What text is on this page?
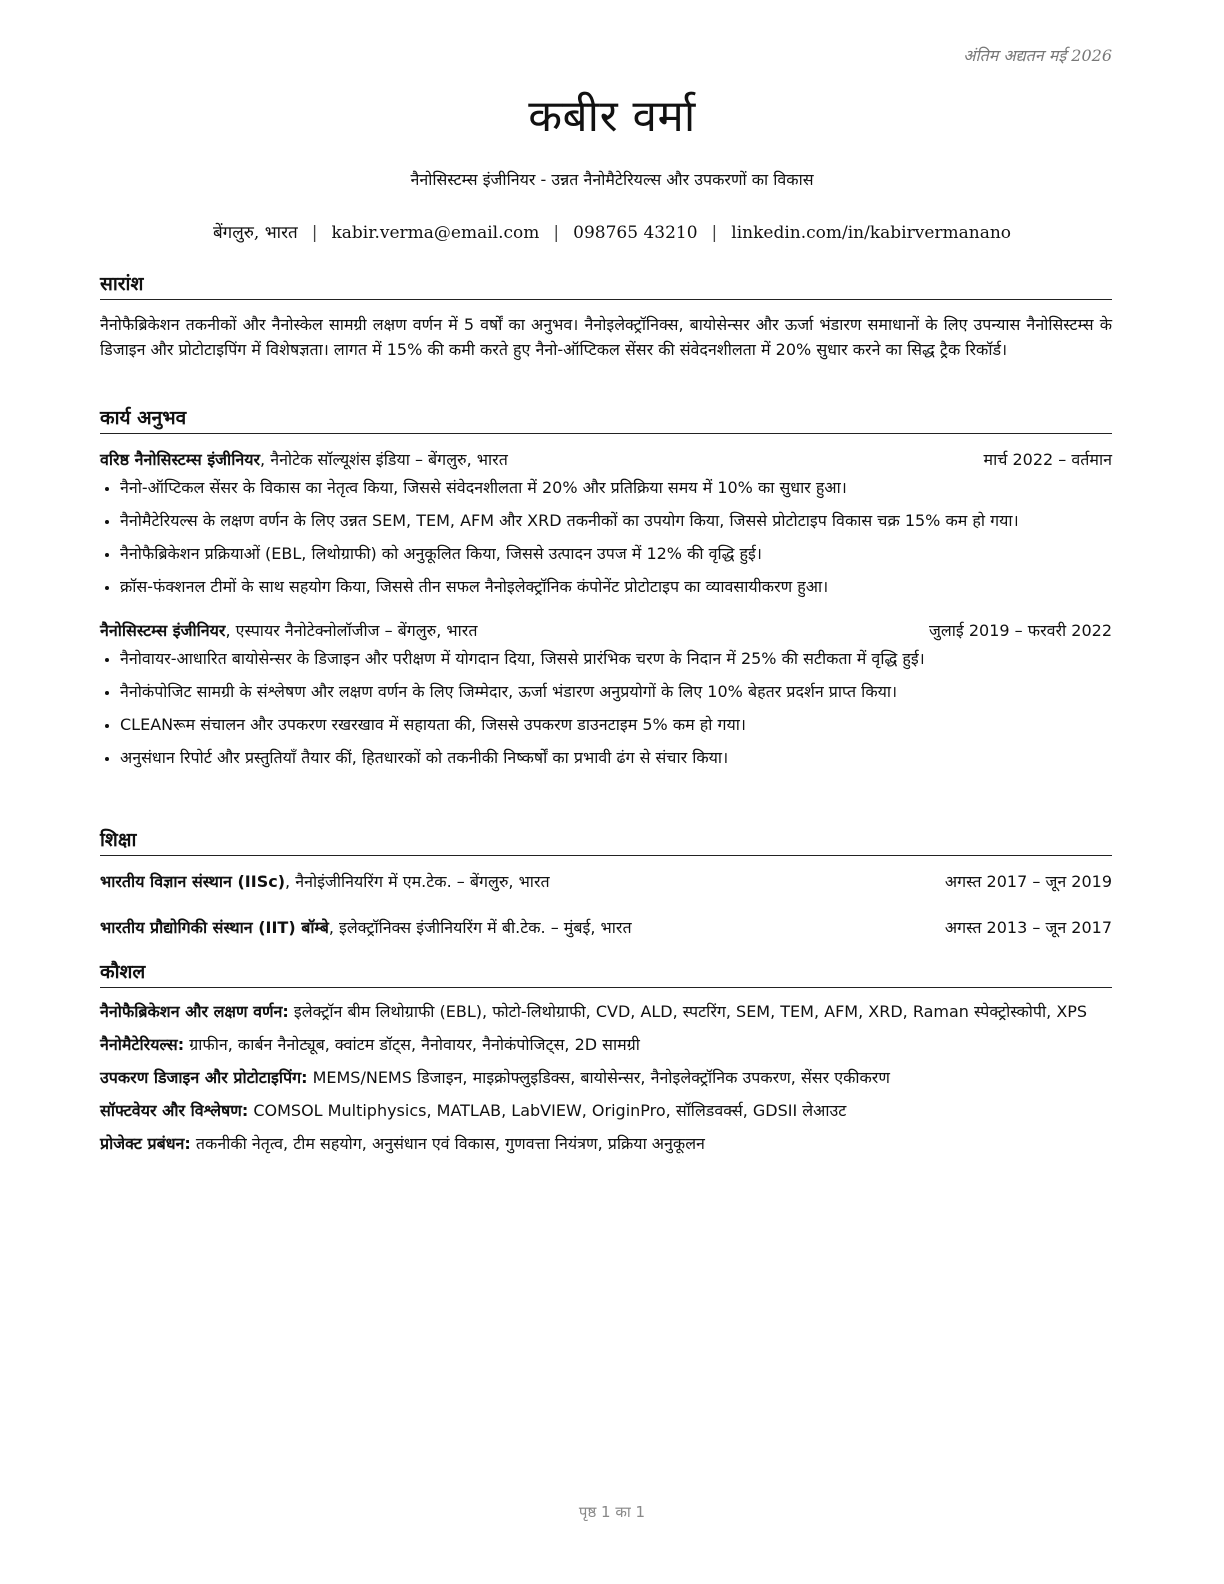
अंतिम अद्यतन मई 2026
कबीर वर्मा
नैनोसिस्टम्स इंजीनियर - उन्नत नैनोमैटेरियल्स और उपकरणों का विकास
बेंगलुरु, भारत | kabir.verma@email.com | 098765 43210 | linkedin.com/in/kabirvermanano
सारांश
नैनोफैब्रिकेशन तकनीकों और नैनोस्केल सामग्री लक्षण वर्णन में 5 वर्षों का अनुभव। नैनोइलेक्ट्रॉनिक्स, बायोसेन्सर और ऊर्जा भंडारण समाधानों के लिए उपन्यास नैनोसिस्टम्स के डिजाइन और प्रोटोटाइपिंग में विशेषज्ञता। लागत में 15% की कमी करते हुए नैनो-ऑप्टिकल सेंसर की संवेदनशीलता में 20% सुधार करने का सिद्ध ट्रैक रिकॉर्ड।
कार्य अनुभव
वरिष्ठ नैनोसिस्टम्स इंजीनियर, नैनोटेक सॉल्यूशंस इंडिया – बेंगलुरु, भारत	मार्च 2022 – वर्तमान
• नैनो-ऑप्टिकल सेंसर के विकास का नेतृत्व किया, जिससे संवेदनशीलता में 20% और प्रतिक्रिया समय में 10% का सुधार हुआ।
• नैनोमैटेरियल्स के लक्षण वर्णन के लिए उन्नत SEM, TEM, AFM और XRD तकनीकों का उपयोग किया, जिससे प्रोटोटाइप विकास चक्र 15% कम हो गया।
• नैनोफैब्रिकेशन प्रक्रियाओं (EBL, लिथोग्राफी) को अनुकूलित किया, जिससे उत्पादन उपज में 12% की वृद्धि हुई।
• क्रॉस-फंक्शनल टीमों के साथ सहयोग किया, जिससे तीन सफल नैनोइलेक्ट्रॉनिक कंपोनेंट प्रोटोटाइप का व्यावसायीकरण हुआ।
नैनोसिस्टम्स इंजीनियर, एस्पायर नैनोटेक्नोलॉजीज – बेंगलुरु, भारत	जुलाई 2019 – फरवरी 2022
• नैनोवायर-आधारित बायोसेन्सर के डिजाइन और परीक्षण में योगदान दिया, जिससे प्रारंभिक चरण के निदान में 25% की सटीकता में वृद्धि हुई।
• नैनोकंपोजिट सामग्री के संश्लेषण और लक्षण वर्णन के लिए जिम्मेदार, ऊर्जा भंडारण अनुप्रयोगों के लिए 10% बेहतर प्रदर्शन प्राप्त किया।
• CLEANरूम संचालन और उपकरण रखरखाव में सहायता की, जिससे उपकरण डाउनटाइम 5% कम हो गया।
• अनुसंधान रिपोर्ट और प्रस्तुतियाँ तैयार कीं, हितधारकों को तकनीकी निष्कर्षों का प्रभावी ढंग से संचार किया।
शिक्षा
भारतीय विज्ञान संस्थान (IISc), नैनोइंजीनियरिंग में एम.टेक. – बेंगलुरु, भारत	अगस्त 2017 – जून 2019
भारतीय प्रौद्योगिकी संस्थान (IIT) बॉम्बे, इलेक्ट्रॉनिक्स इंजीनियरिंग में बी.टेक. – मुंबई, भारत	अगस्त 2013 – जून 2017
कौशल
नैनोफैब्रिकेशन और लक्षण वर्णन: इलेक्ट्रॉन बीम लिथोग्राफी (EBL), फोटो-लिथोग्राफी, CVD, ALD, स्पटरिंग, SEM, TEM, AFM, XRD, Raman स्पेक्ट्रोस्कोपी, XPS
नैनोमैटेरियल्स: ग्राफीन, कार्बन नैनोट्यूब, क्वांटम डॉट्स, नैनोवायर, नैनोकंपोजिट्स, 2D सामग्री
उपकरण डिजाइन और प्रोटोटाइपिंग: MEMS/NEMS डिजाइन, माइक्रोफ्लुइडिक्स, बायोसेन्सर, नैनोइलेक्ट्रॉनिक उपकरण, सेंसर एकीकरण
सॉफ्टवेयर और विश्लेषण: COMSOL Multiphysics, MATLAB, LabVIEW, OriginPro, सॉलिडवर्क्स, GDSII लेआउट
प्रोजेक्ट प्रबंधन: तकनीकी नेतृत्व, टीम सहयोग, अनुसंधान एवं विकास, गुणवत्ता नियंत्रण, प्रक्रिया अनुकूलन
पृष्ठ 1 का 1
